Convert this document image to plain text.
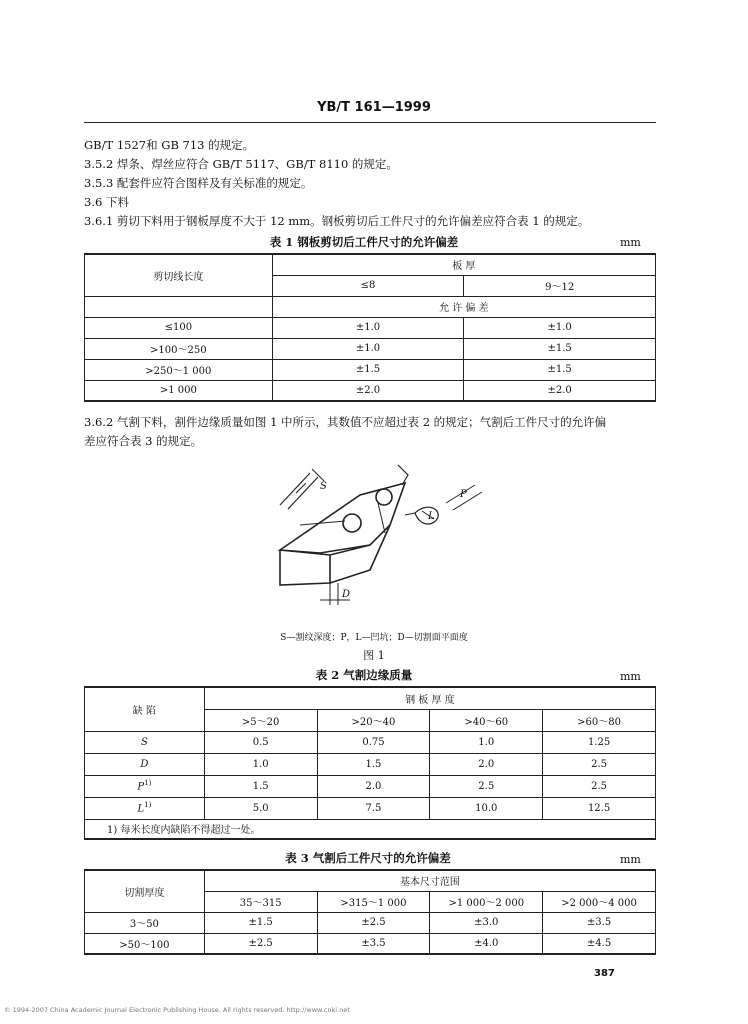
YB/T 161—1999
GB/T 1527和 GB 713 的规定。
3.5.2 焊条、焊丝应符合 GB/T 5117、GB/T 8110 的规定。
3.5.3 配套件应符合图样及有关标准的规定。
3.6 下料
3.6.1 剪切下料用于钢板厚度不大于 12 mm。钢板剪切后工件尺寸的允许偏差应符合表 1 的规定。
表 1 钢板剪切后工件尺寸的允许偏差	mm
剪切线长度	板 厚	
	≤8	9～12
	允 许 偏 差	
≤100	±1.0	±1.0
>100～250	±1.0	±1.5
>250～1 000	±1.5	±1.5
>1 000	±2.0	±2.0
3.6.2 气割下料，割件边缘质量如图 1 中所示，其数值不应超过表 2 的规定；气割后工件尺寸的允许偏
差应符合表 3 的规定。
S
P
L
D
S—割纹深度；P，L—凹坑；D—切割面平面度
图 1
表 2 气割边缘质量	mm
缺 陷	钢 板 厚 度			
	>5～20	>20～40	>40～60	>60～80
S	0.5	0.75	1.0	1.25
D	1.0	1.5	2.0	2.5
$P^{1)}$	1.5	2.0	2.5	2.5
$L^{1)}$	5.0	7.5	10.0	12.5
1) 每米长度内缺陷不得超过一处。				
表 3 气割后工件尺寸的允许偏差	mm
切割厚度	基本尺寸范围			
	35～315	>315～1 000	>1 000～2 000	>2 000～4 000
3～50	±1.5	±2.5	±3.0	±3.5
>50～100	±2.5	±3.5	±4.0	±4.5
387
© 1994-2007 China Academic Journal Electronic Publishing House. All rights reserved. http://www.cnki.net
